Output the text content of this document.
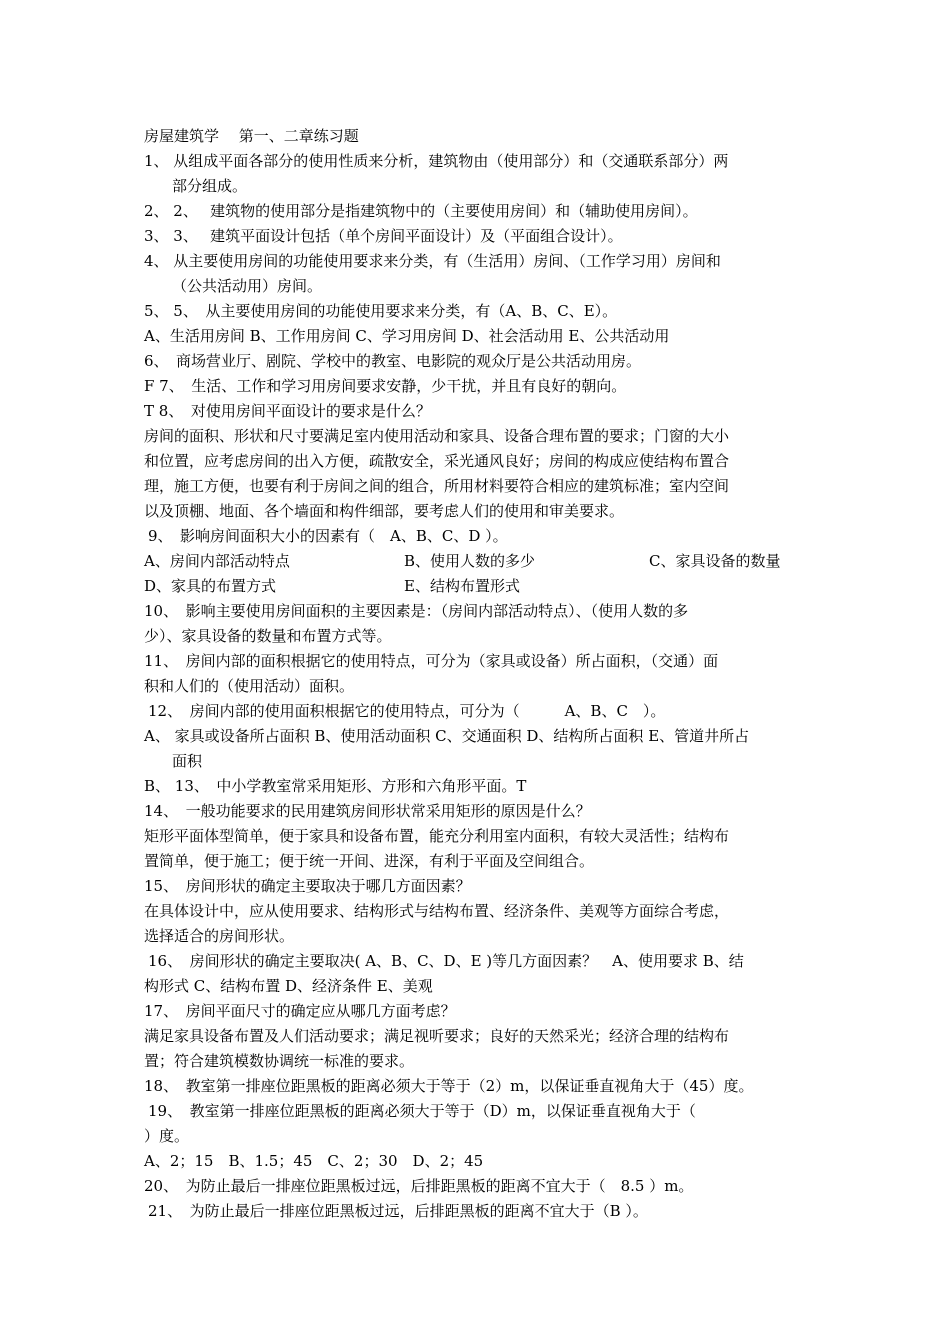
房屋建筑学　 第一、二章练习题
1、 从组成平面各部分的使用性质来分析，建筑物由（使用部分）和（交通联系部分）两
部分组成。
2、 2、　 建筑物的使用部分是指建筑物中的（主要使用房间）和（辅助使用房间）。
3、 3、　 建筑平面设计包括（单个房间平面设计）及（平面组合设计）。
4、 从主要使用房间的功能使用要求来分类，有（生活用）房间、（工作学习用）房间和
（公共活动用）房间。
5、 5、　从主要使用房间的功能使用要求来分类，有（A、B、C、E）。
A、生活用房间 B、工作用房间 C、学习用房间 D、社会活动用 E、公共活动用
6、　商场营业厅、剧院、学校中的教室、电影院的观众厅是公共活动用房。
F 7、　生活、工作和学习用房间要求安静，少干扰，并且有良好的朝向。
T 8、　对使用房间平面设计的要求是什么？
房间的面积、形状和尺寸要满足室内使用活动和家具、设备合理布置的要求；门窗的大小
和位置，应考虑房间的出入方便，疏散安全，采光通风良好；房间的构成应使结构布置合
理，施工方便，也要有利于房间之间的组合，所用材料要符合相应的建筑标准；室内空间
以及顶棚、地面、各个墙面和构件细部，要考虑人们的使用和审美要求。
9、　影响房间面积大小的因素有（　A、B、C、D ）。
A、房间内部活动特点	B、使用人数的多少	C、家具设备的数量
D、家具的布置方式	E、结构布置形式
10、　影响主要使用房间面积的主要因素是：（房间内部活动特点）、（使用人数的多
少）、家具设备的数量和布置方式等。
11、　房间内部的面积根据它的使用特点，可分为（家具或设备）所占面积，（交通）面
积和人们的（使用活动）面积。
12、　房间内部的使用面积根据它的使用特点，可分为（　　　A、B、C　）。
A、 家具或设备所占面积 B、使用活动面积 C、交通面积 D、结构所占面积 E、管道井所占
面积
B、 13、　中小学教室常采用矩形、方形和六角形平面。T
14、　一般功能要求的民用建筑房间形状常采用矩形的原因是什么？
矩形平面体型简单，便于家具和设备布置，能充分利用室内面积，有较大灵活性；结构布
置简单，便于施工；便于统一开间、进深，有利于平面及空间组合。
15、　房间形状的确定主要取决于哪几方面因素？
在具体设计中，应从使用要求、结构形式与结构布置、经济条件、美观等方面综合考虑，
选择适合的房间形状。
16、　房间形状的确定主要取决( A、B、C、D、E )等几方面因素？　A、使用要求 B、结
构形式 C、结构布置 D、经济条件 E、美观
17、　房间平面尺寸的确定应从哪几方面考虑？
满足家具设备布置及人们活动要求；满足视听要求；良好的天然采光；经济合理的结构布
置；符合建筑模数协调统一标准的要求。
18、　教室第一排座位距黑板的距离必须大于等于（2）m，以保证垂直视角大于（45）度。
19、　教室第一排座位距黑板的距离必须大于等于（D）m，以保证垂直视角大于（
）度。
A、2；15　B、1.5；45　C、2；30　D、2；45
20、　为防止最后一排座位距黑板过远，后排距黑板的距离不宜大于（　8.5 ）m。
21、　为防止最后一排座位距黑板过远，后排距黑板的距离不宜大于（B ）。
